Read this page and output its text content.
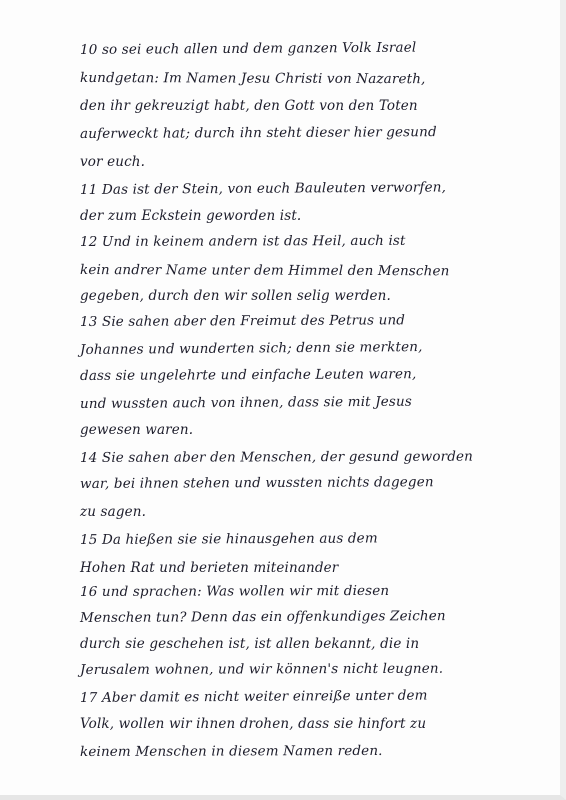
10 so sei euch allen und dem ganzen Volk Israel
kundgetan: Im Namen Jesu Christi von Nazareth,
den ihr gekreuzigt habt, den Gott von den Toten
auferweckt hat; durch ihn steht dieser hier gesund
vor euch.
11 Das ist der Stein, von euch Bauleuten verworfen,
der zum Eckstein geworden ist.
12 Und in keinem andern ist das Heil, auch ist
kein andrer Name unter dem Himmel den Menschen
gegeben, durch den wir sollen selig werden.
13 Sie sahen aber den Freimut des Petrus und
Johannes und wunderten sich; denn sie merkten,
dass sie ungelehrte und einfache Leuten waren,
und wussten auch von ihnen, dass sie mit Jesus
gewesen waren.
14 Sie sahen aber den Menschen, der gesund geworden
war, bei ihnen stehen und wussten nichts dagegen
zu sagen.
15 Da hießen sie sie hinausgehen aus dem
Hohen Rat und berieten miteinander
16 und sprachen: Was wollen wir mit diesen
Menschen tun? Denn das ein offenkundiges Zeichen
durch sie geschehen ist, ist allen bekannt, die in
Jerusalem wohnen, und wir können's nicht leugnen.
17 Aber damit es nicht weiter einreiße unter dem
Volk, wollen wir ihnen drohen, dass sie hinfort zu
keinem Menschen in diesem Namen reden.
